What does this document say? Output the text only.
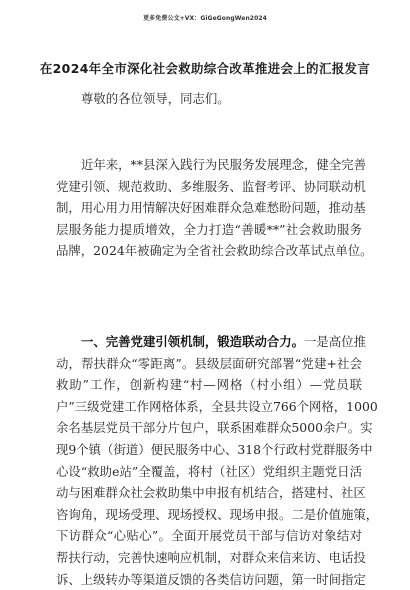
更多免费公文+VX：GiGeGongWen2024
在2024年全市深化社会救助综合改革推进会上的汇报发言
尊敬的各位领导，同志们。
近年来，**县深入践行为民服务发展理念，健全完善
党建引领、规范救助、多维服务、监督考评、协同联动机
制，用心用力用情解决好困难群众急难愁盼问题，推动基
层服务能力提质增效，全力打造“善暖**”社会救助服务
品牌，2024年被确定为全省社会救助综合改革试点单位。
一、完善党建引领机制，锻造联动合力。一是高位推
动，帮扶群众“零距离”。县级层面研究部署“党建+社会
救助”工作，创新构建“村—网格（村小组）—党员联
户”三级党建工作网格体系，全县共设立766个网格，1000
余名基层党员干部分片包户，联系困难群众5000余户。实
现9个镇（街道）便民服务中心、318个行政村党群服务中
心设“救助e站”全覆盖，将村（社区）党组织主题党日活
动与困难群众社会救助集中申报有机结合，搭建村、社区
咨询角，现场受理、现场授权、现场申报。二是价值施策，
下访群众“心贴心”。全面开展党员干部与信访对象结对
帮扶行动，完善快速响应机制，对群众来信来访、电话投
诉、上级转办等渠道反馈的各类信访问题，第一时间指定
